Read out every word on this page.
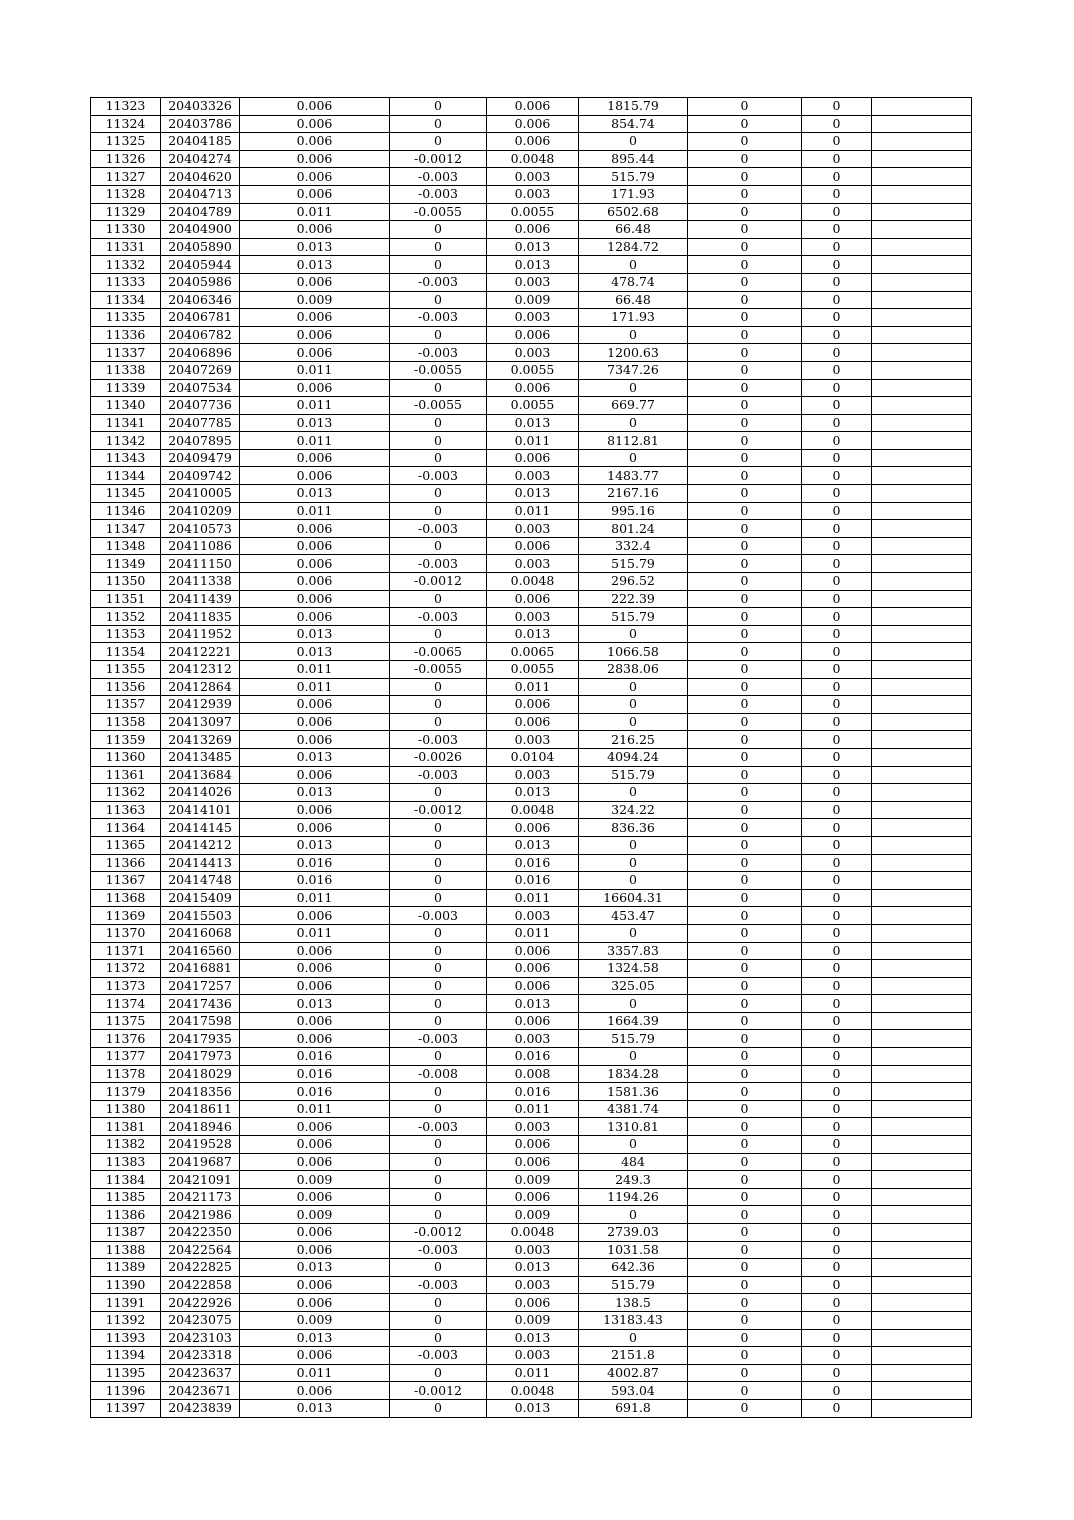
11323	20403326	0.006	0	0.006	1815.79	0	0	
11324	20403786	0.006	0	0.006	854.74	0	0	
11325	20404185	0.006	0	0.006	0	0	0	
11326	20404274	0.006	-0.0012	0.0048	895.44	0	0	
11327	20404620	0.006	-0.003	0.003	515.79	0	0	
11328	20404713	0.006	-0.003	0.003	171.93	0	0	
11329	20404789	0.011	-0.0055	0.0055	6502.68	0	0	
11330	20404900	0.006	0	0.006	66.48	0	0	
11331	20405890	0.013	0	0.013	1284.72	0	0	
11332	20405944	0.013	0	0.013	0	0	0	
11333	20405986	0.006	-0.003	0.003	478.74	0	0	
11334	20406346	0.009	0	0.009	66.48	0	0	
11335	20406781	0.006	-0.003	0.003	171.93	0	0	
11336	20406782	0.006	0	0.006	0	0	0	
11337	20406896	0.006	-0.003	0.003	1200.63	0	0	
11338	20407269	0.011	-0.0055	0.0055	7347.26	0	0	
11339	20407534	0.006	0	0.006	0	0	0	
11340	20407736	0.011	-0.0055	0.0055	669.77	0	0	
11341	20407785	0.013	0	0.013	0	0	0	
11342	20407895	0.011	0	0.011	8112.81	0	0	
11343	20409479	0.006	0	0.006	0	0	0	
11344	20409742	0.006	-0.003	0.003	1483.77	0	0	
11345	20410005	0.013	0	0.013	2167.16	0	0	
11346	20410209	0.011	0	0.011	995.16	0	0	
11347	20410573	0.006	-0.003	0.003	801.24	0	0	
11348	20411086	0.006	0	0.006	332.4	0	0	
11349	20411150	0.006	-0.003	0.003	515.79	0	0	
11350	20411338	0.006	-0.0012	0.0048	296.52	0	0	
11351	20411439	0.006	0	0.006	222.39	0	0	
11352	20411835	0.006	-0.003	0.003	515.79	0	0	
11353	20411952	0.013	0	0.013	0	0	0	
11354	20412221	0.013	-0.0065	0.0065	1066.58	0	0	
11355	20412312	0.011	-0.0055	0.0055	2838.06	0	0	
11356	20412864	0.011	0	0.011	0	0	0	
11357	20412939	0.006	0	0.006	0	0	0	
11358	20413097	0.006	0	0.006	0	0	0	
11359	20413269	0.006	-0.003	0.003	216.25	0	0	
11360	20413485	0.013	-0.0026	0.0104	4094.24	0	0	
11361	20413684	0.006	-0.003	0.003	515.79	0	0	
11362	20414026	0.013	0	0.013	0	0	0	
11363	20414101	0.006	-0.0012	0.0048	324.22	0	0	
11364	20414145	0.006	0	0.006	836.36	0	0	
11365	20414212	0.013	0	0.013	0	0	0	
11366	20414413	0.016	0	0.016	0	0	0	
11367	20414748	0.016	0	0.016	0	0	0	
11368	20415409	0.011	0	0.011	16604.31	0	0	
11369	20415503	0.006	-0.003	0.003	453.47	0	0	
11370	20416068	0.011	0	0.011	0	0	0	
11371	20416560	0.006	0	0.006	3357.83	0	0	
11372	20416881	0.006	0	0.006	1324.58	0	0	
11373	20417257	0.006	0	0.006	325.05	0	0	
11374	20417436	0.013	0	0.013	0	0	0	
11375	20417598	0.006	0	0.006	1664.39	0	0	
11376	20417935	0.006	-0.003	0.003	515.79	0	0	
11377	20417973	0.016	0	0.016	0	0	0	
11378	20418029	0.016	-0.008	0.008	1834.28	0	0	
11379	20418356	0.016	0	0.016	1581.36	0	0	
11380	20418611	0.011	0	0.011	4381.74	0	0	
11381	20418946	0.006	-0.003	0.003	1310.81	0	0	
11382	20419528	0.006	0	0.006	0	0	0	
11383	20419687	0.006	0	0.006	484	0	0	
11384	20421091	0.009	0	0.009	249.3	0	0	
11385	20421173	0.006	0	0.006	1194.26	0	0	
11386	20421986	0.009	0	0.009	0	0	0	
11387	20422350	0.006	-0.0012	0.0048	2739.03	0	0	
11388	20422564	0.006	-0.003	0.003	1031.58	0	0	
11389	20422825	0.013	0	0.013	642.36	0	0	
11390	20422858	0.006	-0.003	0.003	515.79	0	0	
11391	20422926	0.006	0	0.006	138.5	0	0	
11392	20423075	0.009	0	0.009	13183.43	0	0	
11393	20423103	0.013	0	0.013	0	0	0	
11394	20423318	0.006	-0.003	0.003	2151.8	0	0	
11395	20423637	0.011	0	0.011	4002.87	0	0	
11396	20423671	0.006	-0.0012	0.0048	593.04	0	0	
11397	20423839	0.013	0	0.013	691.8	0	0	
